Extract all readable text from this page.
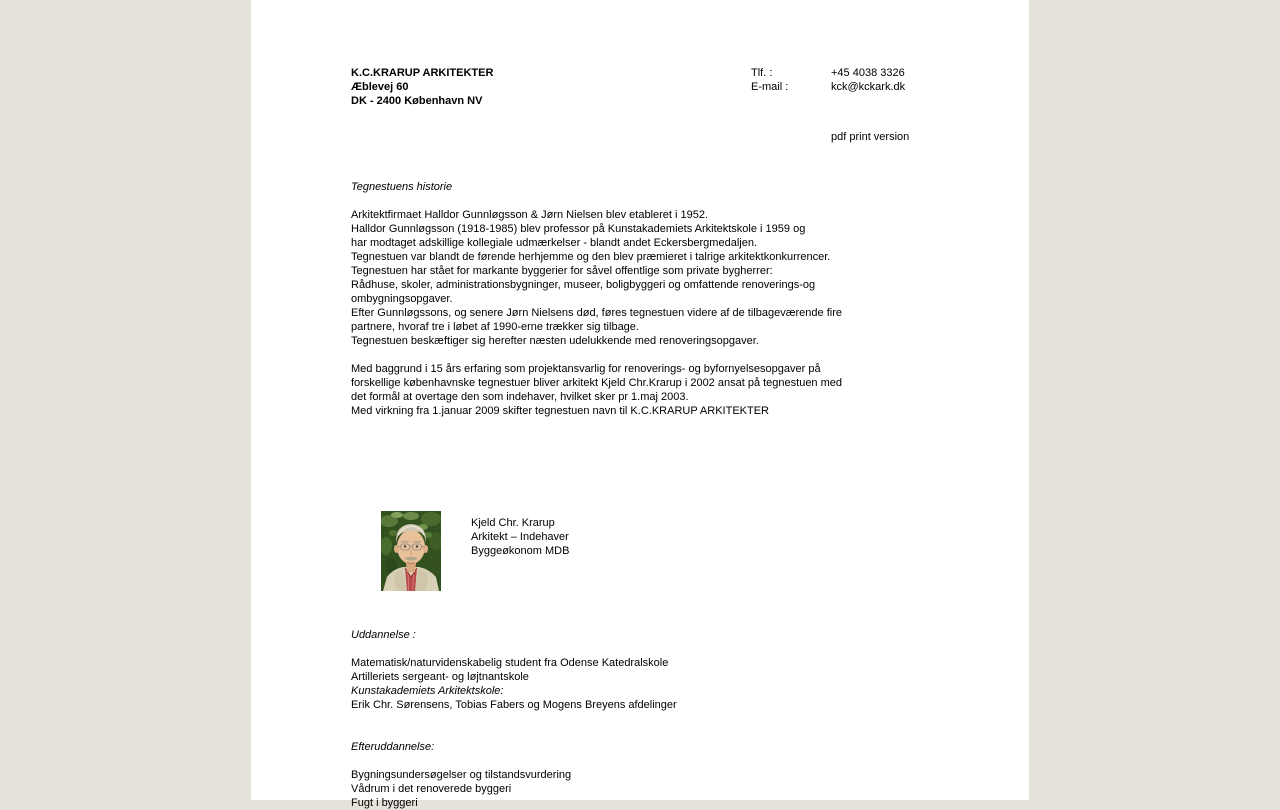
K.C.KRARUP ARKITEKTER
Æblevej 60
DK - 2400 København NV
Tlf. :	+45 4038 3326
E-mail :	kck@kckark.dk
pdf print version
Tegnestuens historie
Arkitektfirmaet Halldor Gunnløgsson & Jørn Nielsen blev etableret i 1952.
Halldor Gunnløgsson (1918-1985) blev professor på Kunstakademiets Arkitektskole i 1959 og
har modtaget adskillige kollegiale udmærkelser - blandt andet Eckersbergmedaljen.
Tegnestuen var blandt de førende herhjemme og den blev præmieret i talrige arkitektkonkurrencer.
Tegnestuen har stået for markante byggerier for såvel offentlige som private bygherrer:
Rådhuse, skoler, administrationsbygninger, museer, boligbyggeri og omfattende renoverings-og
ombygningsopgaver.
Efter Gunnløgssons, og senere Jørn Nielsens død, føres tegnestuen videre af de tilbageværende fire
partnere, hvoraf tre i løbet af 1990-erne trækker sig tilbage.
Tegnestuen beskæftiger sig herefter næsten udelukkende med renoveringsopgaver.
Med baggrund i 15 års erfaring som projektansvarlig for renoverings- og byfornyelsesopgaver på
forskellige københavnske tegnestuer bliver arkitekt Kjeld Chr.Krarup i 2002 ansat på tegnestuen med
det formål at overtage den som indehaver, hvilket sker pr 1.maj 2003.
Med virkning fra 1.januar 2009 skifter tegnestuen navn til K.C.KRARUP ARKITEKTER
Kjeld Chr. Krarup
Arkitekt – Indehaver
Byggeøkonom MDB
Uddannelse :
Matematisk/naturvidenskabelig student fra Odense Katedralskole
Artilleriets sergeant- og løjtnantskole
Kunstakademiets Arkitektskole:
Erik Chr. Sørensens, Tobias Fabers og Mogens Breyens afdelinger
Efteruddannelse:
Bygningsundersøgelser og tilstandsvurdering
Vådrum i det renoverede byggeri
Fugt i byggeri
